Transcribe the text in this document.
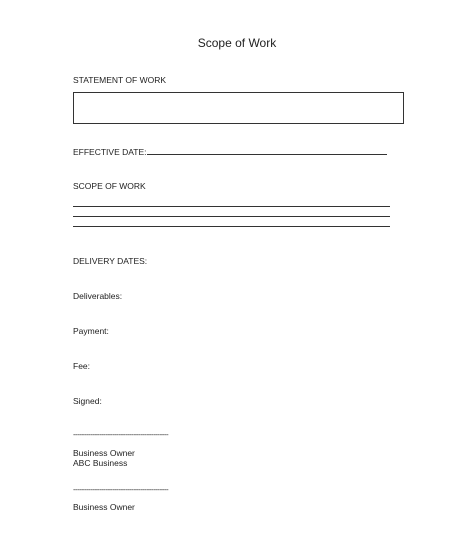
Scope of Work
STATEMENT OF WORK
EFFECTIVE DATE:
SCOPE OF WORK
DELIVERY DATES:
Deliverables:
Payment:
Fee:
Signed:
--------------------------------------------
Business Owner
ABC Business
--------------------------------------------
Business Owner
